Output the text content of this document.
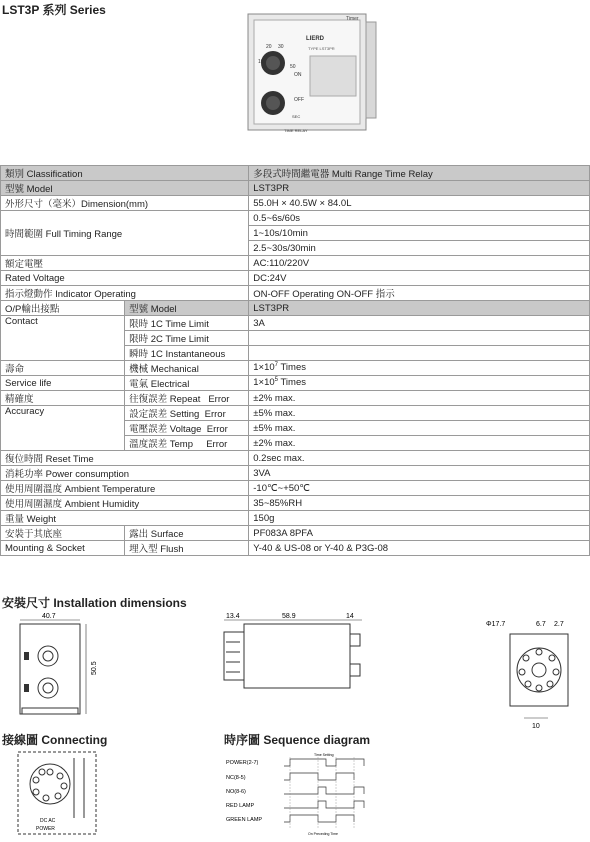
LST3P 系列 Series
LIERD
Timer
TYPE LST3PR
20 30
10
50
ON
OFF
SEC
TIME RELAY
類別 Classification		多段式時間繼電器 Multi Range Time Relay
型號 Model		LST3PR
外形尺寸（毫米）Dimension(mm)		55.0H × 40.5W × 84.0L
時間範圍 Full Timing Range		0.5~6s/60s
		1~10s/10min
		2.5~30s/30min
額定電壓		AC:110/220V
Rated Voltage		DC:24V
指示燈動作 Indicator Operating		ON-OFF Operating ON-OFF 指示
O/P輸出接點	型號 Model	LST3PR
Contact	限時 1C Time Limit	3A
	限時 2C Time Limit	
	瞬時 1C Instantaneous	
壽命	機械 Mechanical	$1\times 10^7$ Times
Service life	電氣 Electrical	$1\times 10^5$ Times
精確度	往復誤差 Repeat   Error	±2% max.
Accuracy	設定誤差 Setting  Error	±5% max.
	電壓誤差 Voltage  Error	±5% max.
	溫度誤差 Temp     Error	±2% max.
復位時間 Reset Time		0.2sec max.
消耗功率 Power consumption		3VA
使用周圍溫度 Ambient Temperature		-10℃~+50℃
使用周圍濕度 Ambient Humidity		35~85%RH
重量 Weight		150g
安裝于其底座	露出 Surface	PF083A 8PFA
Mounting & Socket	埋入型 Flush	Y-40 & US-08 or Y-40 & P3G-08
安裝尺寸 Installation dimensions
40.7
50.5
13.4	58.9	14
Φ17.7	6.7 2.7
10
接線圖 Connecting	時序圖 Sequence diagram
DC AC
POWER
POWER(2-7)
NC(8-5)
NO(8-6)
RED LAMP
GREEN LAMP
Time Setting
On Preceding Time
